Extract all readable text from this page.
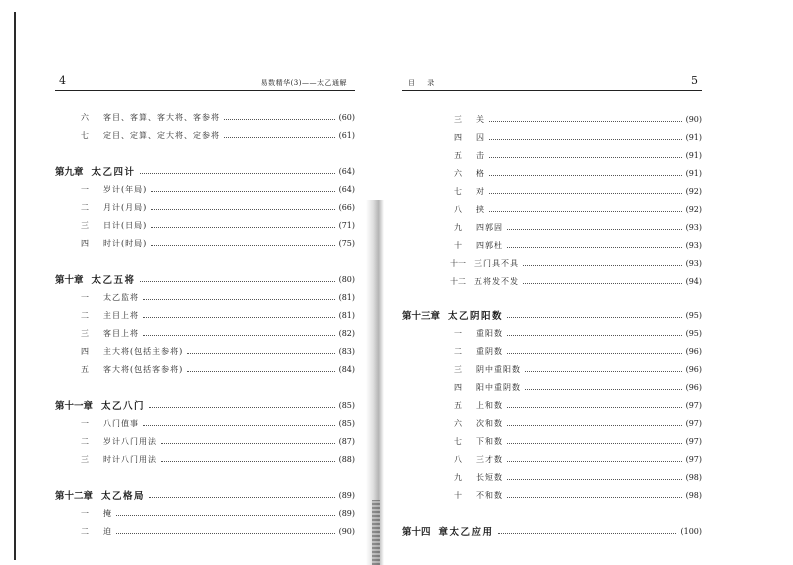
4	易数精华(3)——太乙通解
六	客目、客算、客大将、客参将	(60)
七	定目、定算、定大将、定参将	(61)
第九章 太乙四计	(64)
一	岁计(年局)	(64)
二	月计(月局)	(66)
三	日计(日局)	(71)
四	时计(时局)	(75)
第十章 太乙五将	(80)
一	太乙监将	(81)
二	主目上将	(81)
三	客目上将	(82)
四	主大将(包括主参将)	(83)
五	客大将(包括客参将)	(84)
第十一章 太乙八门	(85)
一	八门值事	(85)
二	岁计八门用法	(87)
三	时计八门用法	(88)
第十二章 太乙格局	(89)
一	掩	(89)
二	迫	(90)
目 录	5
三	关	(90)
四	囚	(91)
五	击	(91)
六	格	(91)
七	对	(92)
八	挟	(92)
九	四郭固	(93)
十	四郭杜	(93)
十一	三门具不具	(93)
十二	五将发不发	(94)
第十三章 太乙阴阳数	(95)
一	重阳数	(95)
二	重阴数	(96)
三	阴中重阳数	(96)
四	阳中重阴数	(96)
五	上和数	(97)
六	次和数	(97)
七	下和数	(97)
八	三才数	(97)
九	长短数	(98)
十	不和数	(98)
第十四 章太乙应用	(100)
